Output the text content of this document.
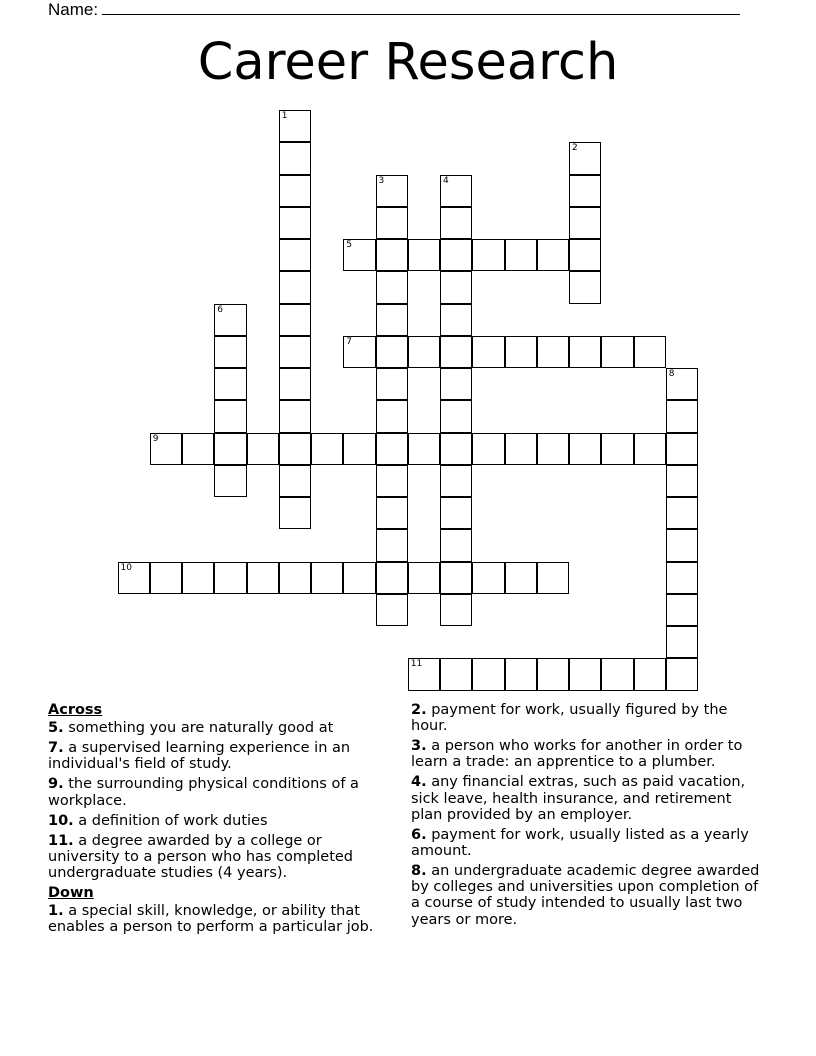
Name:
Career Research
5
7
9
10
11
1
2
3	4
6
8
Across
5. something you are naturally good at
7. a supervised learning experience in an individual's field of study.
9. the surrounding physical conditions of a workplace.
10. a definition of work duties
11. a degree awarded by a college or university to a person who has completed undergraduate studies (4 years).
Down
1. a special skill, knowledge, or ability that enables a person to perform a particular job.
2. payment for work, usually figured by the hour.
3. a person who works for another in order to learn a trade: an apprentice to a plumber.
4. any financial extras, such as paid vacation, sick leave, health insurance, and retirement plan provided by an employer.
6. payment for work, usually listed as a yearly amount.
8. an undergraduate academic degree awarded by colleges and universities upon completion of a course of study intended to usually last two years or more.
